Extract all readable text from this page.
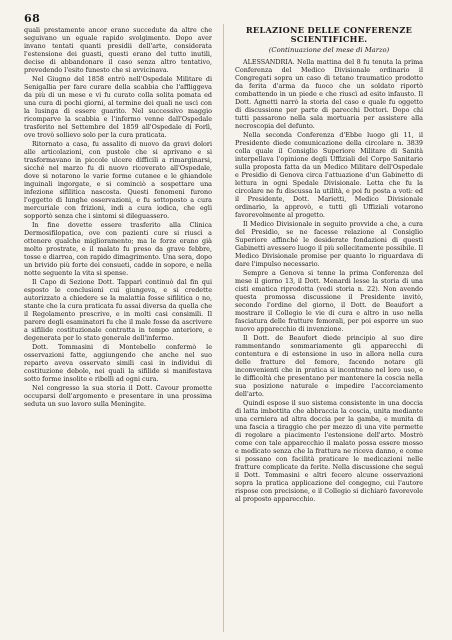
68

quali prestamente ancor erano succedute da altre che seguivano un eguale rapido svolgimento. Dopo aver invano tentati quanti presidii dell'arte, considerata l'estensione dei guasti, questi erano del tutto inutili, decise di abbandonare il caso senza altro tentativo, prevedendo l'esito funesto che si avvicinava.

Nel Giugno del 1858 entrò nell'Ospedale Militare di Senigallia per fare curare della scabbia che l'affliggeva da più di un mese e vi fu curato colla solita pomata ed una cura di pochi giorni, al termine dei quali ne uscì con la lusinga di essere guarito. Nel successivo maggio ricomparve la scabbia e l'infermo venne dall'Ospedale trasferito nel Settembre del 1859 all'Ospedale di Forlì, ove trovò sollievo solo per la cura praticata.

Ritornato a casa, fu assalito di nuovo da gravi dolori alle articolazioni, con pustole che si aprivano e si trasformavano in piccole ulcere difficili a rimarginarsi, sicché nel marzo fu di nuovo ricoverato all'Ospedale, dove si notarono le varie forme cutanee e le ghiandole inguinali ingorgate, e si cominciò a sospettare una infezione sifilitica nascosta. Questi fenomeni furono l'oggetto di lunghe osservazioni, e fu sottoposto a cura mercuriale con frizioni, indi a cura iodica, che egli sopportò senza che i sintomi si dileguassero.

In fine dovette essere trasferito alla Clinica Dermosifilopatica, ove con pazienti cure si riuscì a ottenere qualche miglioramento; ma le forze erano già molto prostrate, e il malato fu preso da grave febbre, tosse e diarrea, con rapido dimagrimento. Una sera, dopo un brivido più forte dei consueti, cadde in sopore, e nella notte seguente la vita si spense.

Il Capo di Sezione Dott. Tappari continuò dal fin qui esposto le conclusioni cui giungeva, e si credette autorizzato a chiedere se la malattia fosse sifilitica o no, stante che la cura praticata fu assai diversa da quella che il Regolamento prescrive, e in molti casi consimili. Il parere degli esaminatori fu che il male fosse da ascrivere a sifilide costituzionale contratta in tempo anteriore, e degenerata per lo stato generale dell'infermo.

Dott. Tommasini di Montebello confermò le osservazioni fatte, aggiungendo che anche nel suo reparto aveva osservato simili casi in individui di costituzione debole, nei quali la sifilide si manifestava sotto forme insolite e ribelli ad ogni cura.

Nel congresso la sua storia il Dott. Cavour promette occuparsi dell'argomento e presentare in una prossima seduta un suo lavoro sulla Meningite.

RELAZIONE DELLE CONFERENZE SCIENTIFICHE.
(Continuazione del mese di Marzo)

ALESSANDRIA. Nella mattina del 8 fu tenuta la prima Conferenza del Medico Divisionale ordinario il Congregati sopra un caso di tetano traumatico prodotto da ferita d'arma da fuoco che un soldato riportò combattendo in un piede e che riuscì ad esito infausto. Il Dott. Agnetti narrò la storia del caso e quale fu oggetto di discussione per parte di parecchi Dottori. Dopo chi tutti passarono nella sala mortuaria per assistere alla necroscopia del defunto.

Nella seconda Conferenza d'Ebbe luogo gli 11, il Presidente diede comunicazione della circolare n. 3839 colla quale il Consiglio Superiore Militare di Sanità interpellava l'opinione degli Uffiziali del Corpo Sanitario sulla proposta fatta da un Medico Militare dell'Ospedale e Presidio di Genova circa l'attuazione d'un Gabinetto di lettura in ogni Spedale Divisionale. Letta che fu la circolare ne fu discussa la utilità, e poi fu posta a voti: ed il Presidente, Dott. Marietti, Medico Divisionale ordinario, la approvò, e tutti gli Uffiziali votarono favorevolmente al progetto.

Il Medico Divisionale in seguito provvide a che, a cura del Presidio, se ne facesse relazione al Consiglio Superiore affinché le desiderate fondazioni di questi Gabinetti avessero luogo il più sollecitamente possibile. Il Medico Divisionale promise per quanto lo riguardava di dare l'impulso necessario.

Sempre a Genova si tenne la prima Conferenza del mese il giorno 13, il Dott. Menardi lesse la storia di una cisti ematica riprodotta (vedi storia n. 22). Non avendo questa promossa discussione il Presidente invitò, secondo l'ordine del giorno, il Dott. de Beaufort a mostrare il Collegio le vie di cura e altro in uso nella fasciatura delle fratture femorali, per poi esporre un suo nuovo apparecchio di invenzione.

Il Dott. de Beaufort diede principio al suo dire rammentando sommariamente gli apparecchi di contentura e di estensione in uso in allora nella cura delle fratture del femore, facendo notare gli inconvenienti che in pratica si incontrano nel loro uso, e le difficoltà che presentano per mantenere la coscia nella sua posizione naturale e impedire l'accorciamento dell'arto.

Quindi espose il suo sistema consistente in una doccia di latta imbottita che abbraccia la coscia, unita mediante una cerniera ad altra doccia per la gamba, e munita di una fascia a tiraggio che per mezzo di una vite permette di regolare a piacimento l'estensione dell'arto. Mostrò come con tale apparecchio il malato possa essere mosso e medicato senza che la frattura ne riceva danno, e come si possano con facilità praticare le medicazioni nelle fratture complicate da ferite. Nella discussione che seguì il Dott. Tommasini e altri fecero alcune osservazioni sopra la pratica applicazione del congegno, cui l'autore rispose con precisione, e il Collegio si dichiarò favorevole al proposto apparecchio.
